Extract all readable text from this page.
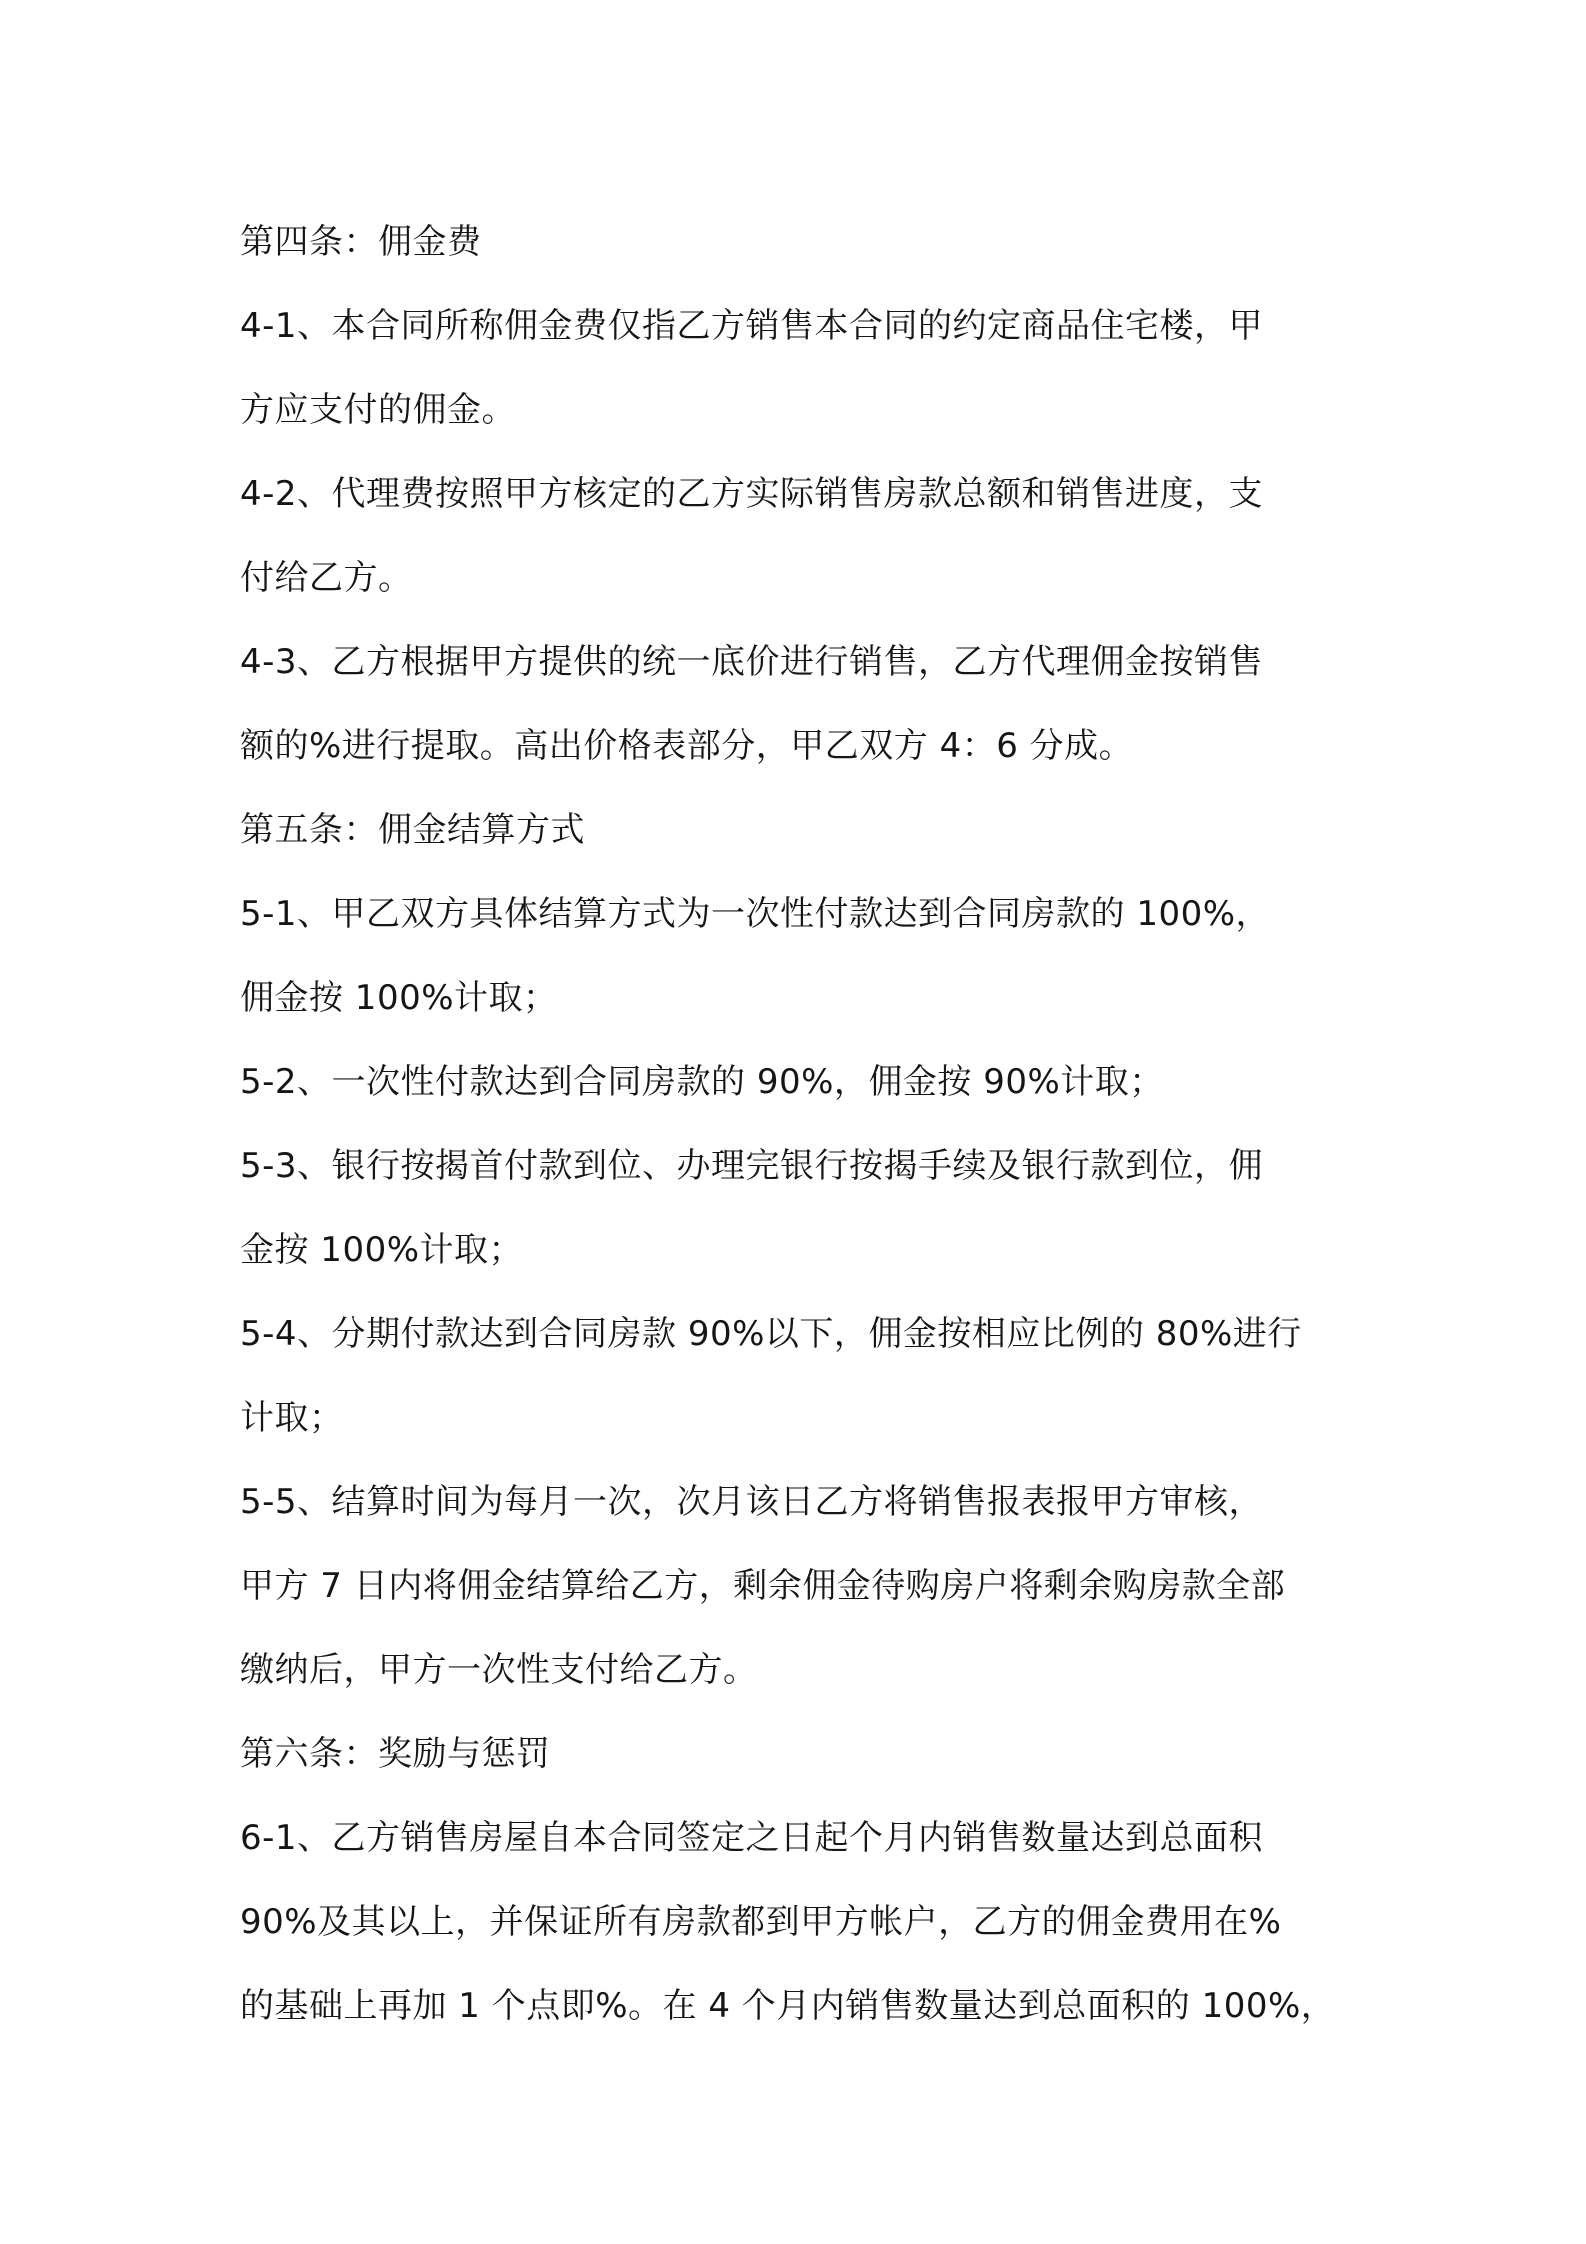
第四条：佣金费
4-1、本合同所称佣金费仅指乙方销售本合同的约定商品住宅楼，甲
方应支付的佣金。
4-2、代理费按照甲方核定的乙方实际销售房款总额和销售进度，支
付给乙方。
4-3、乙方根据甲方提供的统一底价进行销售，乙方代理佣金按销售
额的%进行提取。高出价格表部分，甲乙双方 4：6 分成。
第五条：佣金结算方式
5-1、甲乙双方具体结算方式为一次性付款达到合同房款的 100%，
佣金按 100%计取；
5-2、一次性付款达到合同房款的 90%，佣金按 90%计取；
5-3、银行按揭首付款到位、办理完银行按揭手续及银行款到位，佣
金按 100%计取；
5-4、分期付款达到合同房款 90%以下，佣金按相应比例的 80%进行
计取；
5-5、结算时间为每月一次，次月该日乙方将销售报表报甲方审核，
甲方 7 日内将佣金结算给乙方，剩余佣金待购房户将剩余购房款全部
缴纳后，甲方一次性支付给乙方。
第六条：奖励与惩罚
6-1、乙方销售房屋自本合同签定之日起个月内销售数量达到总面积
90%及其以上，并保证所有房款都到甲方帐户，乙方的佣金费用在%
的基础上再加 1 个点即%。在 4 个月内销售数量达到总面积的 100%，
